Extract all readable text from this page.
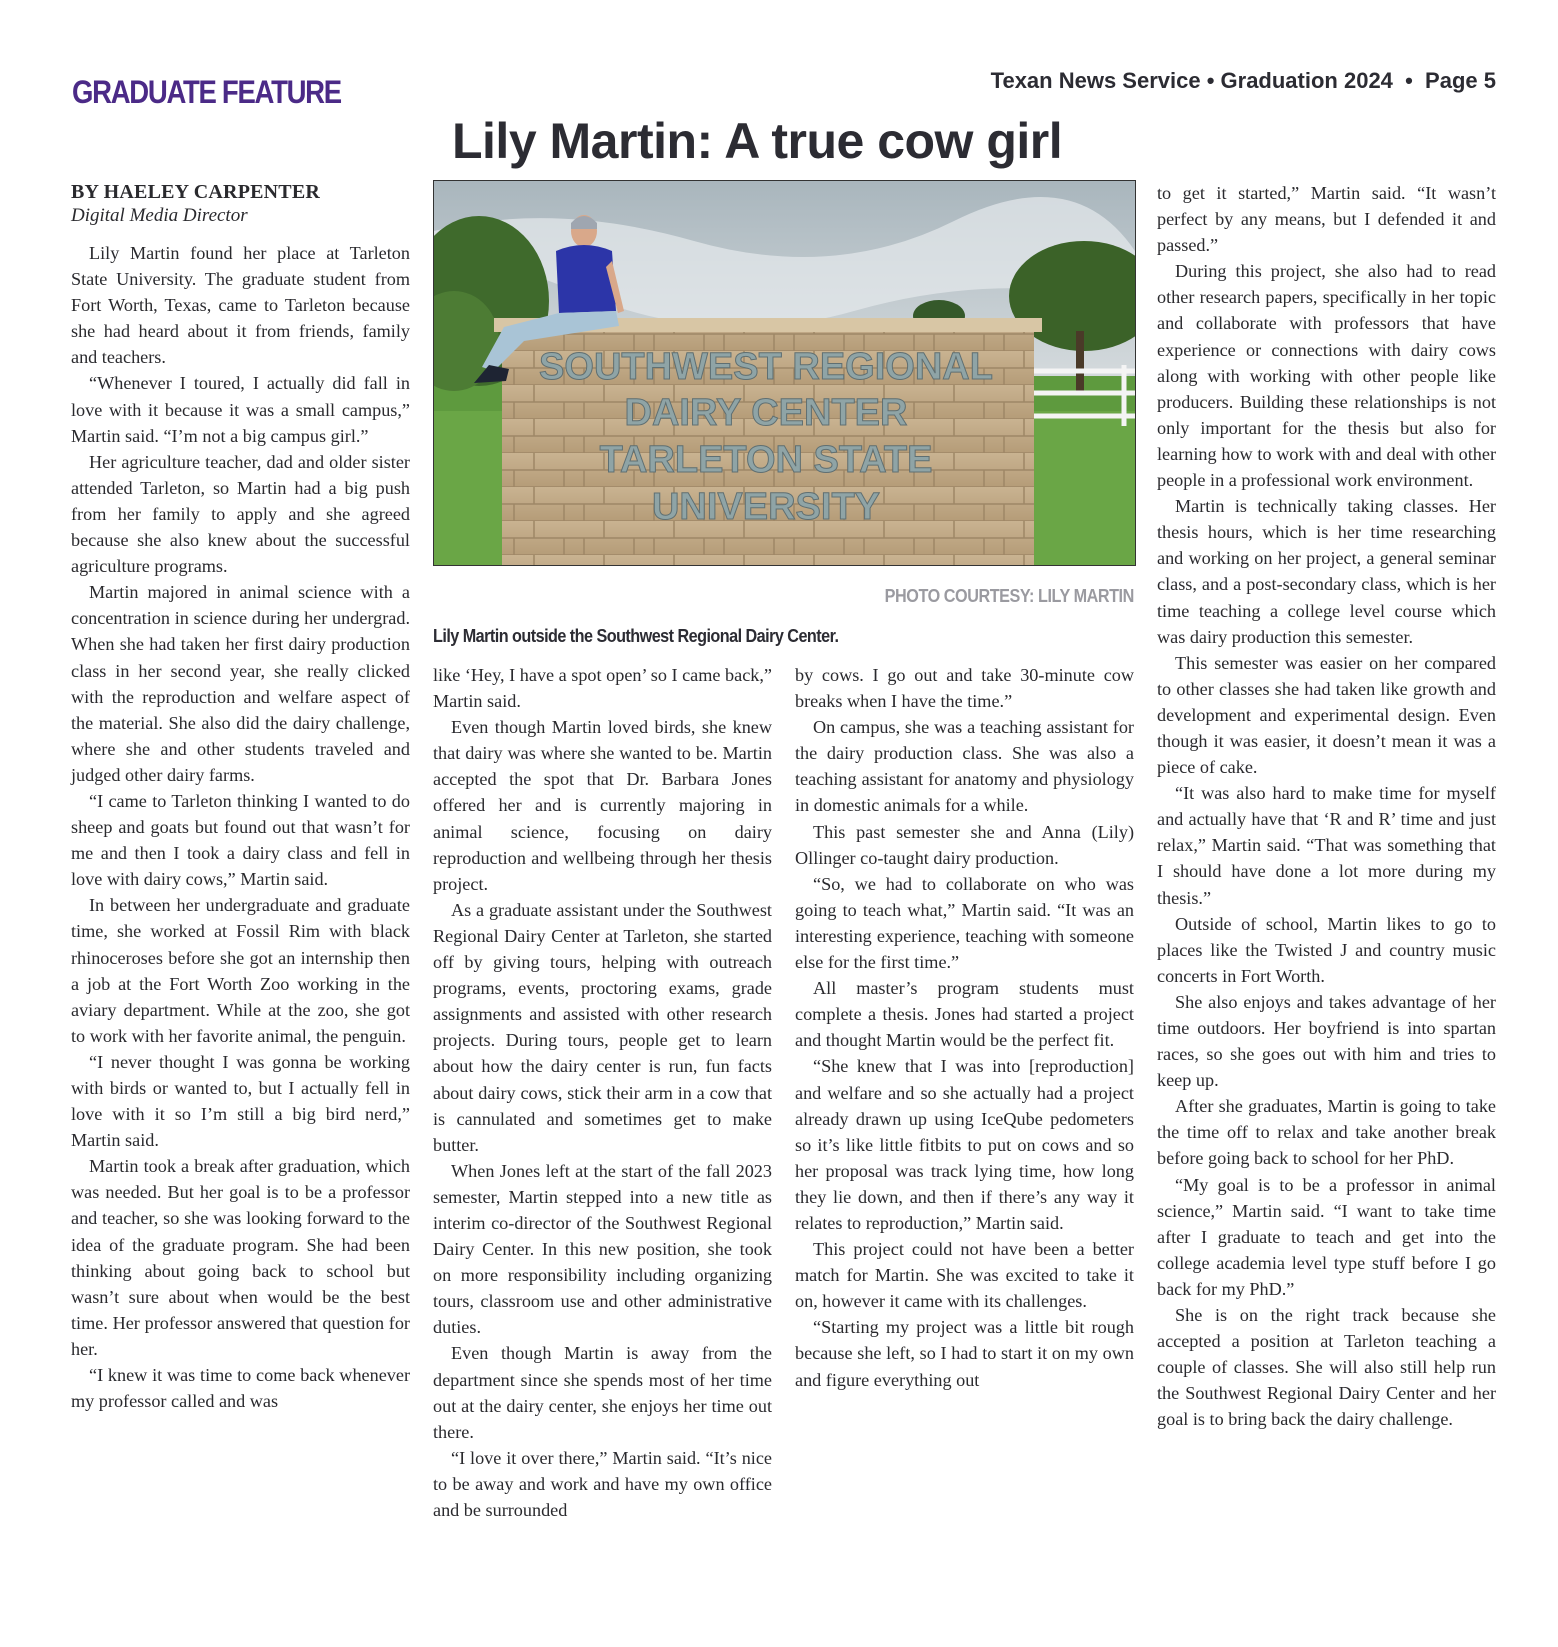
GRADUATE FEATURE	Texan News Service • Graduation 2024  •  Page 5
Lily Martin: A true cow girl
BY HAELEY CARPENTER
Digital Media Director

Lily Martin found her place at Tarleton State University. The graduate student from Fort Worth, Texas, came to Tarleton because she had heard about it from friends, family and teachers.

“Whenever I toured, I actually did fall in love with it because it was a small campus,” Martin said. “I’m not a big campus girl.”

Her agriculture teacher, dad and older sister attended Tarleton, so Martin had a big push from her family to apply and she agreed because she also knew about the successful agriculture programs.

Martin majored in animal science with a concentration in science during her undergrad. When she had taken her first dairy production class in her second year, she really clicked with the reproduction and welfare aspect of the material. She also did the dairy challenge, where she and other students traveled and judged other dairy farms.

“I came to Tarleton thinking I wanted to do sheep and goats but found out that wasn’t for me and then I took a dairy class and fell in love with dairy cows,” Martin said.

In between her undergraduate and graduate time, she worked at Fossil Rim with black rhinoceroses before she got an internship then a job at the Fort Worth Zoo working in the aviary department. While at the zoo, she got to work with her favorite animal, the penguin.

“I never thought I was gonna be working with birds or wanted to, but I actually fell in love with it so I’m still a big bird nerd,” Martin said.

Martin took a break after graduation, which was needed. But her goal is to be a professor and teacher, so she was looking forward to the idea of the graduate program. She had been thinking about going back to school but wasn’t sure about when would be the best time. Her professor answered that question for her.

“I knew it was time to come back whenever my professor called and was

SOUTHWEST REGIONAL
DAIRY CENTER
TARLETON STATE
UNIVERSITY
PHOTO COURTESY: LILY MARTIN
Lily Martin outside the Southwest Regional Dairy Center.

like ‘Hey, I have a spot open’ so I came back,” Martin said.

Even though Martin loved birds, she knew that dairy was where she wanted to be. Martin accepted the spot that Dr. Barbara Jones offered her and is currently majoring in animal science, focusing on dairy reproduction and wellbeing through her thesis project.

As a graduate assistant under the Southwest Regional Dairy Center at Tarleton, she started off by giving tours, helping with outreach programs, events, proctoring exams, grade assignments and assisted with other research projects. During tours, people get to learn about how the dairy center is run, fun facts about dairy cows, stick their arm in a cow that is cannulated and sometimes get to make butter.

When Jones left at the start of the fall 2023 semester, Martin stepped into a new title as interim co-director of the Southwest Regional Dairy Center. In this new position, she took on more responsibility including organizing tours, classroom use and other administrative duties.

Even though Martin is away from the department since she spends most of her time out at the dairy center, she enjoys her time out there.

“I love it over there,” Martin said. “It’s nice to be away and work and have my own office and be surrounded

by cows. I go out and take 30-minute cow breaks when I have the time.”

On campus, she was a teaching assistant for the dairy production class. She was also a teaching assistant for anatomy and physiology in domestic animals for a while.

This past semester she and Anna (Lily) Ollinger co-taught dairy production.

“So, we had to collaborate on who was going to teach what,” Martin said. “It was an interesting experience, teaching with someone else for the first time.”

All master’s program students must complete a thesis. Jones had started a project and thought Martin would be the perfect fit.

“She knew that I was into [reproduction] and welfare and so she actually had a project already drawn up using IceQube pedometers so it’s like little fitbits to put on cows and so her proposal was track lying time, how long they lie down, and then if there’s any way it relates to reproduction,” Martin said.

This project could not have been a better match for Martin. She was excited to take it on, however it came with its challenges.

“Starting my project was a little bit rough because she left, so I had to start it on my own and figure everything out

to get it started,” Martin said. “It wasn’t perfect by any means, but I defended it and passed.”

During this project, she also had to read other research papers, specifically in her topic and collaborate with professors that have experience or connections with dairy cows along with working with other people like producers. Building these relationships is not only important for the thesis but also for learning how to work with and deal with other people in a professional work environment.

Martin is technically taking classes. Her thesis hours, which is her time researching and working on her project, a general seminar class, and a post-secondary class, which is her time teaching a college level course which was dairy production this semester.

This semester was easier on her compared to other classes she had taken like growth and development and experimental design. Even though it was easier, it doesn’t mean it was a piece of cake.

“It was also hard to make time for myself and actually have that ‘R and R’ time and just relax,” Martin said. “That was something that I should have done a lot more during my thesis.”

Outside of school, Martin likes to go to places like the Twisted J and country music concerts in Fort Worth.

She also enjoys and takes advantage of her time outdoors. Her boyfriend is into spartan races, so she goes out with him and tries to keep up.

After she graduates, Martin is going to take the time off to relax and take another break before going back to school for her PhD.

“My goal is to be a professor in animal science,” Martin said. “I want to take time after I graduate to teach and get into the college academia level type stuff before I go back for my PhD.”

She is on the right track because she accepted a position at Tarleton teaching a couple of classes. She will also still help run the Southwest Regional Dairy Center and her goal is to bring back the dairy challenge.
